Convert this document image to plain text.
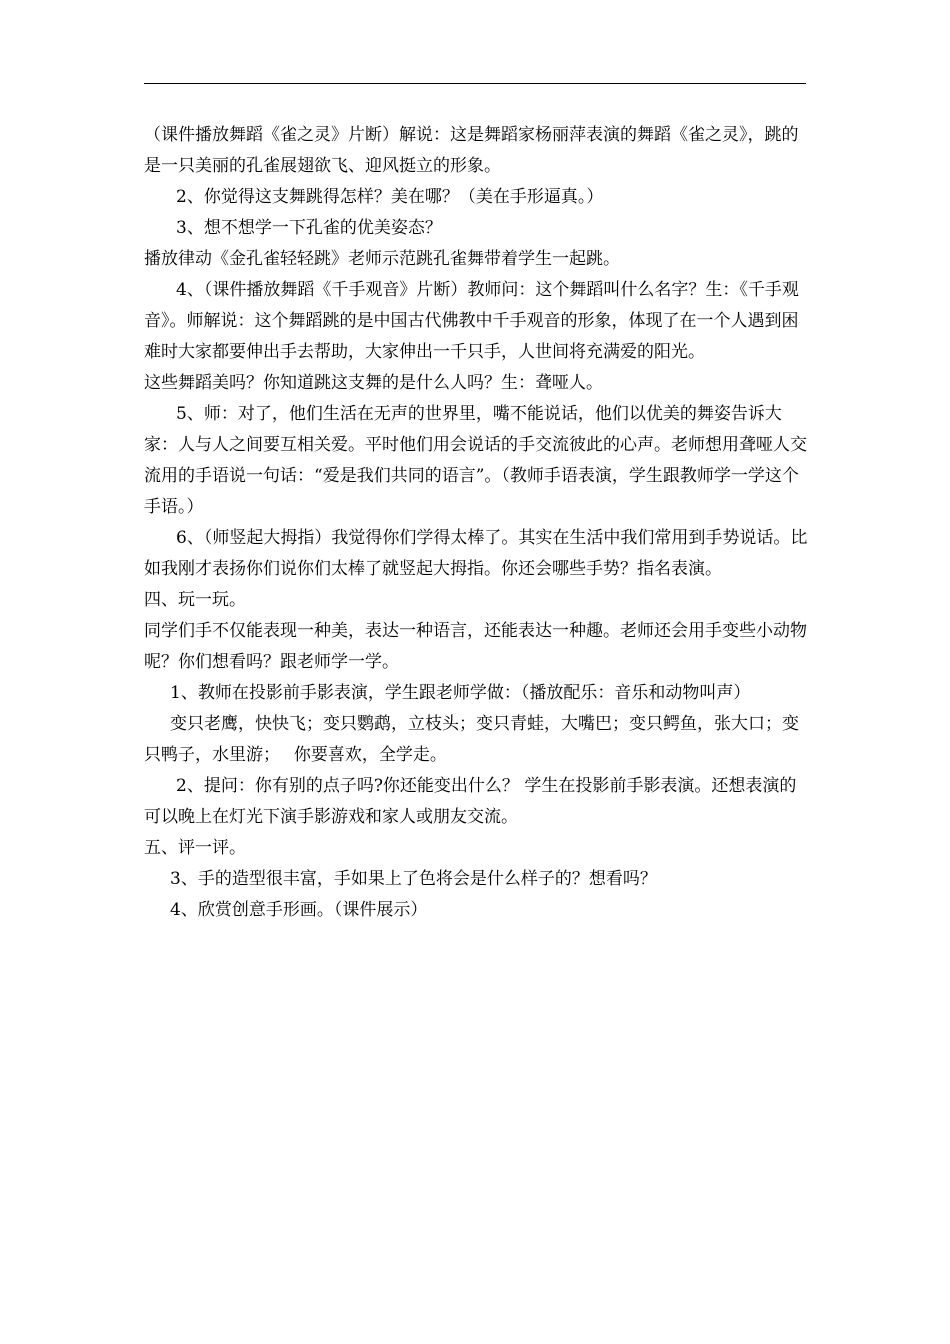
（课件播放舞蹈《雀之灵》片断）解说：这是舞蹈家杨丽萍表演的舞蹈《雀之灵》，跳的是一只美丽的孔雀展翅欲飞、迎风挺立的形象。

2、你觉得这支舞跳得怎样？美在哪？（美在手形逼真。）

3、想不想学一下孔雀的优美姿态？

播放律动《金孔雀轻轻跳》老师示范跳孔雀舞带着学生一起跳。

4、（课件播放舞蹈《千手观音》片断）教师问：这个舞蹈叫什么名字？生：《千手观音》。师解说：这个舞蹈跳的是中国古代佛教中千手观音的形象，体现了在一个人遇到困难时大家都要伸出手去帮助，大家伸出一千只手，人世间将充满爱的阳光。

这些舞蹈美吗？你知道跳这支舞的是什么人吗？生：聋哑人。

5、师：对了，他们生活在无声的世界里，嘴不能说话，他们以优美的舞姿告诉大家：人与人之间要互相关爱。平时他们用会说话的手交流彼此的心声。老师想用聋哑人交流用的手语说一句话：“爱是我们共同的语言”。（教师手语表演，学生跟教师学一学这个手语。）

6、（师竖起大拇指）我觉得你们学得太棒了。其实在生活中我们常用到手势说话。比如我刚才表扬你们说你们太棒了就竖起大拇指。你还会哪些手势？指名表演。

四、玩一玩。

同学们手不仅能表现一种美，表达一种语言，还能表达一种趣。老师还会用手变些小动物呢？你们想看吗？跟老师学一学。

1、教师在投影前手影表演，学生跟老师学做：（播放配乐：音乐和动物叫声）

变只老鹰，快快飞；变只鹦鹉，立枝头；变只青蛙，大嘴巴；变只鳄鱼，张大口；变只鸭子，水里游；　 你要喜欢，全学走。

2、提问：你有别的点子吗?你还能变出什么？ 学生在投影前手影表演。还想表演的可以晚上在灯光下演手影游戏和家人或朋友交流。

五、评一评。

3、手的造型很丰富，手如果上了色将会是什么样子的？想看吗？

4、欣赏创意手形画。（课件展示）
